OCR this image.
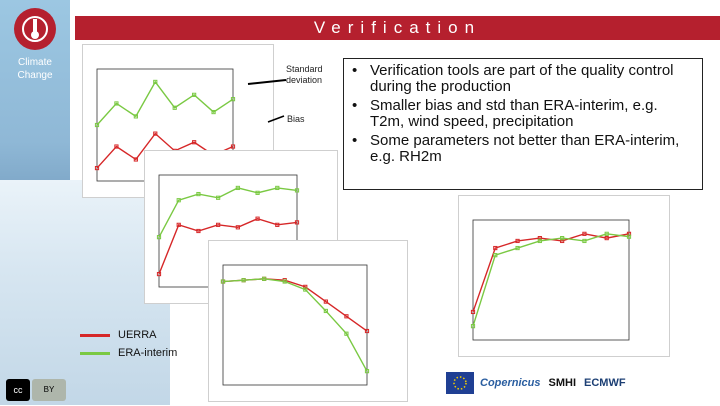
Climate
Change
Verification
Standard deviation
Bias
• Verification tools are part of the quality control during the production
• Smaller bias and std than ERA-interim, e.g. T2m, wind speed, precipitation
• Some parameters not better than ERA-interim, e.g. RH2m
UERRA
ERA-interim
cc	BY
Copernicus SMHI ECMWF
